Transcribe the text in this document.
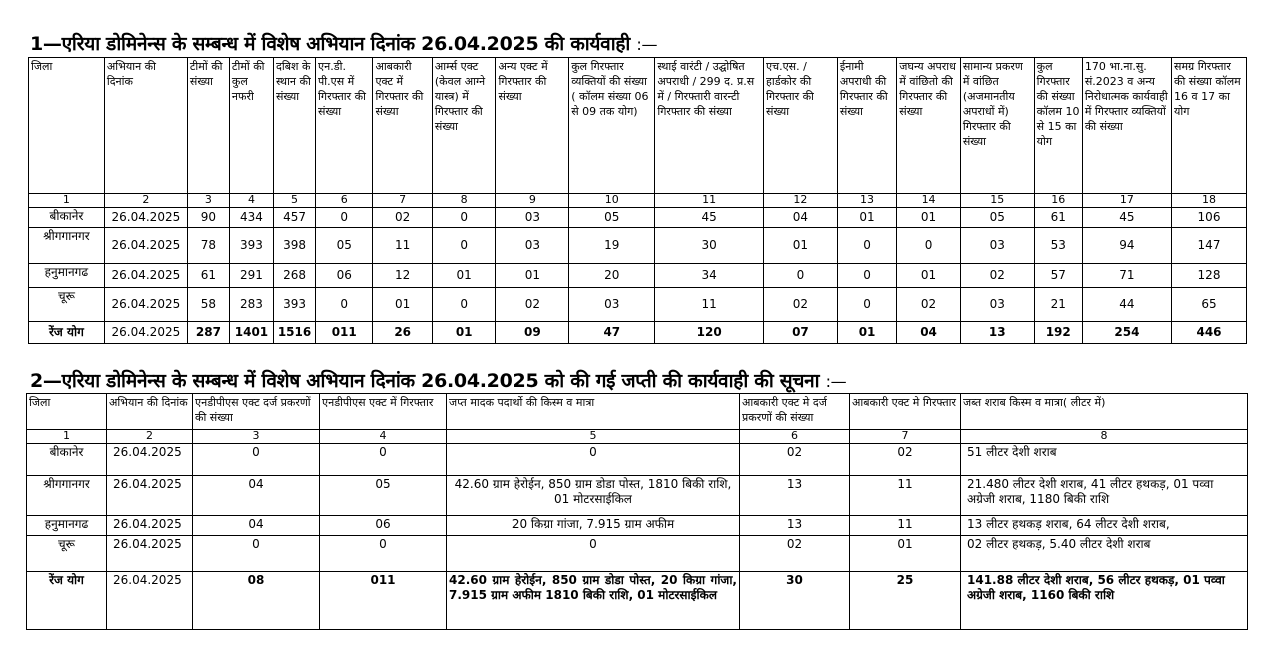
1—एरिया डोमिनेन्स के सम्बन्ध में विशेष अभियान दिनांक 26.04.2025 की कार्यवाही :—
जिला	अभियान की दिनांक	टीमों की संख्या	टीमों की कुल नफरी	दबिश के स्थान की संख्या	एन.डी. पी.एस में गिरफ्तार की संख्या	आबकारी एक्ट में गिरफ्तार की संख्या	आर्म्स एक्ट (केवल आग्ने यास्त्र) में गिरफ्तार की संख्या	अन्य एक्ट में गिरफ्तार की संख्या	कुल गिरफ्तार व्यक्तियों की संख्या ( कॉलम संख्या 06 से 09 तक योग)	स्थाई वारंटी / उद्घोषित अपराधी / 299 द. प्र.स में / गिरफ्तारी वारन्टी गिरफ्तार की संख्या	एच.एस. / हार्डकोर की गिरफ्तार की संख्या	ईनामी अपराधी की गिरफ्तार की संख्या	जघन्य अपराध में वांछितो की गिरफ्तार की संख्या	सामान्य प्रकरण में वांछित (अजमानतीय अपराधों में) गिरफ्तार की संख्या	कुल गिरफ्तार की संख्या कॉलम 10 से 15 का योग	170 भा.ना.सु. सं.2023 व अन्य निरोधात्मक कार्यवाही में गिरफ्तार व्यक्तियों की संख्या	समग्र गिरफ्तार की संख्या कॉलम 16 व 17 का योग
1	2	3	4	5	6	7	8	9	10	11	12	13	14	15	16	17	18
बीकानेर	26.04.2025	90	434	457	0	02	0	03	05	45	04	01	01	05	61	45	106
श्रीगगानगर	26.04.2025	78	393	398	05	11	0	03	19	30	01	0	0	03	53	94	147
हनुमानगढ	26.04.2025	61	291	268	06	12	01	01	20	34	0	0	01	02	57	71	128
चूरू	26.04.2025	58	283	393	0	01	0	02	03	11	02	0	02	03	21	44	65
रेंज योग	26.04.2025	287	1401	1516	011	26	01	09	47	120	07	01	04	13	192	254	446
2—एरिया डोमिनेन्स के सम्बन्ध में विशेष अभियान दिनांक 26.04.2025 को की गई जप्ती की कार्यवाही की सूचना :—
जिला	अभियान की दिनांक	एनडीपीएस एक्ट दर्ज प्रकरणों की संख्या	एनडीपीएस एक्ट में गिरफ्तार	जप्त मादक पदार्थो की किस्म व मात्रा	आबकारी एक्ट मे दर्ज प्रकरणों की संख्या	आबकारी एक्ट मे गिरफ्तार	जब्त शराब किस्म व मात्रा( लीटर में)
1	2	3	4	5	6	7	8
बीकानेर	26.04.2025	0	0	0	02	02	51 लीटर देशी शराब
श्रीगगानगर	26.04.2025	04	05	42.60 ग्राम हेरोईन, 850 ग्राम डोडा पोस्त, 1810 बिकी राशि, 01 मोटरसाईकिल	13	11	21.480 लीटर देशी शराब, 41 लीटर हथकड़, 01 पव्वा अग्रेजी शराब, 1180 बिकी राशि
हनुमानगढ	26.04.2025	04	06	20 किग्रा गांजा, 7.915 ग्राम अफीम	13	11	13 लीटर हथकड़ शराब, 64 लीटर देशी शराब,
चूरू	26.04.2025	0	0	0	02	01	02 लीटर हथकड़, 5.40 लीटर देशी शराब
रेंज योग	26.04.2025	08	011	42.60 ग्राम हेरोईन, 850 ग्राम डोडा पोस्त, 20 किग्रा गांजा, 7.915 ग्राम अफीम 1810 बिकी राशि, 01 मोटरसाईकिल	30	25	141.88 लीटर देशी शराब, 56 लीटर हथकड़, 01 पव्वा अग्रेजी शराब, 1160 बिकी राशि
